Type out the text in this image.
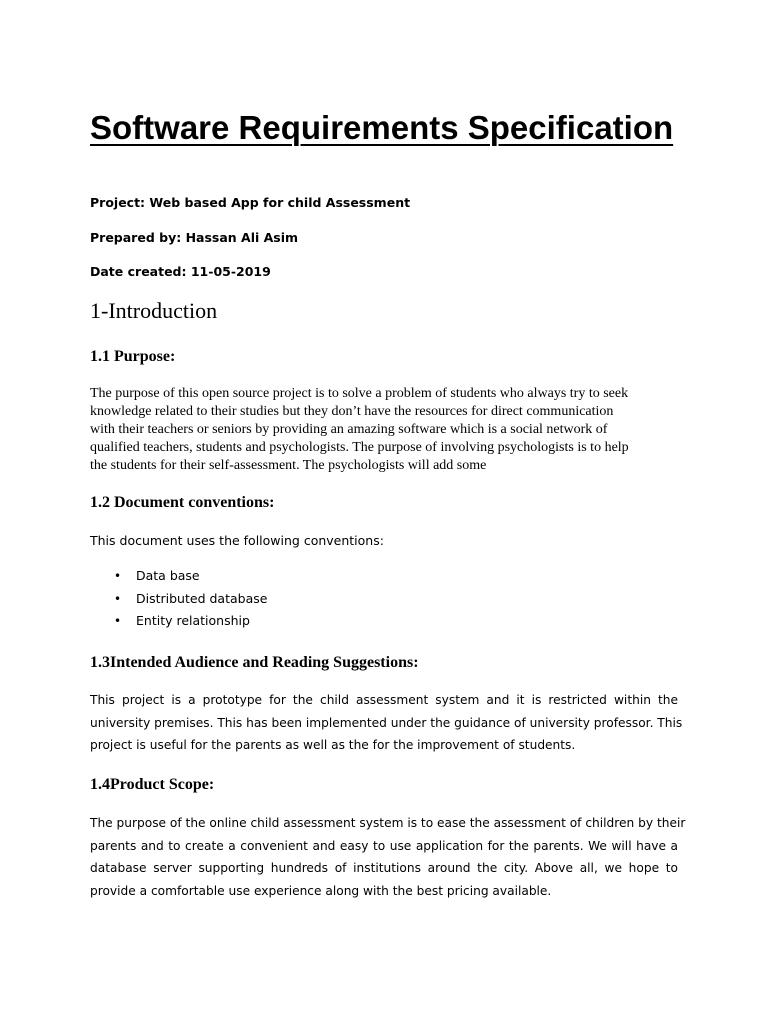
Software Requirements Specification

Project: Web based App for child Assessment

Prepared by: Hassan Ali Asim

Date created: 11-05-2019

1-Introduction
1.1 Purpose:

The purpose of this open source project is to solve a problem of students who always try to seek
knowledge related to their studies but they don’t have the resources for direct communication
with their teachers or seniors by providing an amazing software which is a social network of
qualified teachers, students and psychologists. The purpose of involving psychologists is to help
the students for their self-assessment. The psychologists will add some

1.2 Document conventions:

This document uses the following conventions:

• Data base
• Distributed database
• Entity relationship
1.3Intended Audience and Reading Suggestions:

This project is a prototype for the child assessment system and it is restricted within the
university premises. This has been implemented under the guidance of university professor. This
project is useful for the parents as well as the for the improvement of students.

1.4Product Scope:

The purpose of the online child assessment system is to ease the assessment of children by their
parents and to create a convenient and easy to use application for the parents. We will have a
database server supporting hundreds of institutions around the city. Above all, we hope to
provide a comfortable use experience along with the best pricing available.
